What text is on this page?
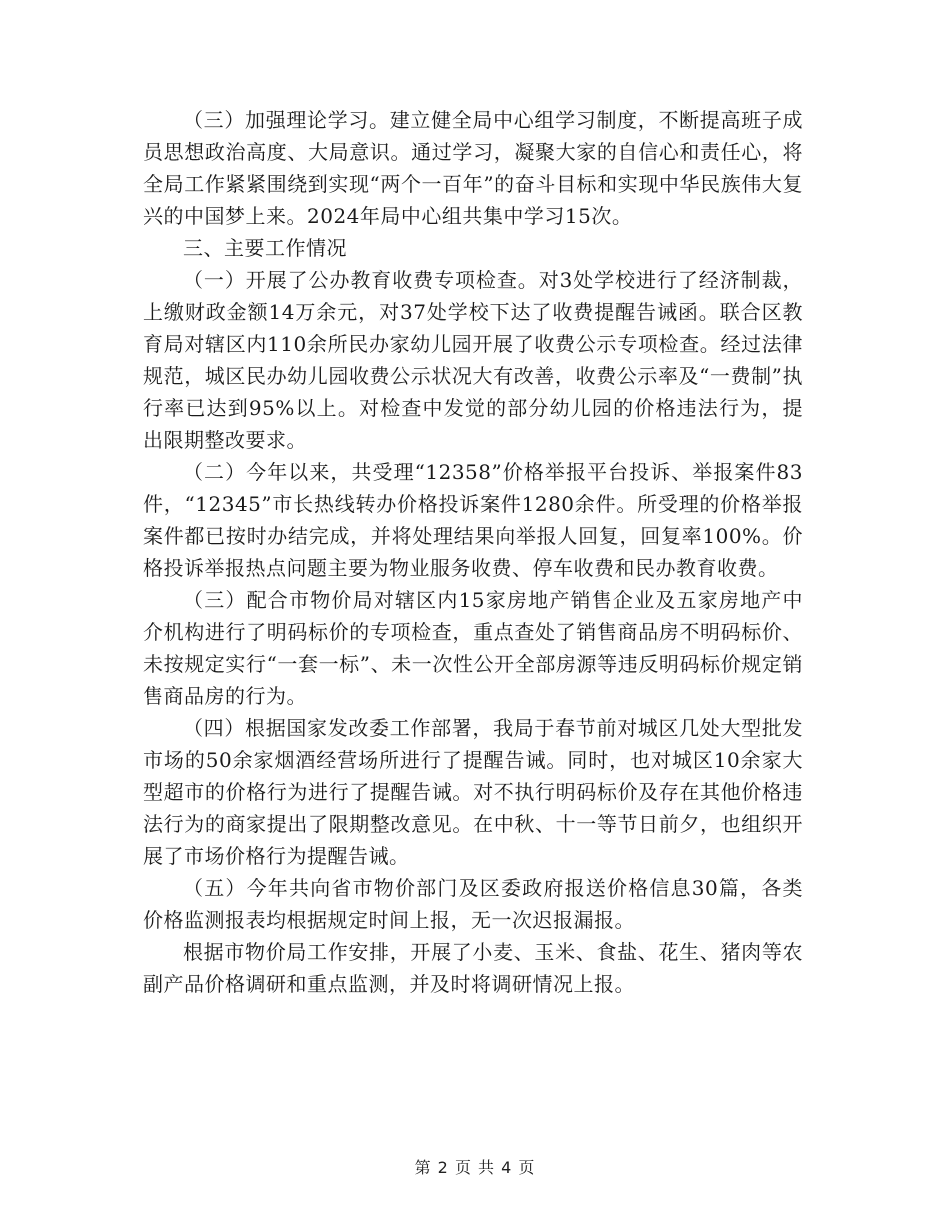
（三）加强理论学习。建立健全局中心组学习制度，不断提高班子成员思想政治高度、大局意识。通过学习，凝聚大家的自信心和责任心，将全局工作紧紧围绕到实现“两个一百年”的奋斗目标和实现中华民族伟大复兴的中国梦上来。2024年局中心组共集中学习15次。

三、主要工作情况

（一）开展了公办教育收费专项检查。对3处学校进行了经济制裁，上缴财政金额14万余元，对37处学校下达了收费提醒告诫函。联合区教育局对辖区内110余所民办家幼儿园开展了收费公示专项检查。经过法律规范，城区民办幼儿园收费公示状况大有改善，收费公示率及“一费制”执行率已达到95%以上。对检查中发觉的部分幼儿园的价格违法行为，提出限期整改要求。

（二）今年以来，共受理“12358”价格举报平台投诉、举报案件83件，“12345”市长热线转办价格投诉案件1280余件。所受理的价格举报案件都已按时办结完成，并将处理结果向举报人回复，回复率100%。价格投诉举报热点问题主要为物业服务收费、停车收费和民办教育收费。

（三）配合市物价局对辖区内15家房地产销售企业及五家房地产中介机构进行了明码标价的专项检查，重点查处了销售商品房不明码标价、未按规定实行“一套一标”、未一次性公开全部房源等违反明码标价规定销售商品房的行为。

（四）根据国家发改委工作部署，我局于春节前对城区几处大型批发市场的50余家烟酒经营场所进行了提醒告诫。同时，也对城区10余家大型超市的价格行为进行了提醒告诫。对不执行明码标价及存在其他价格违法行为的商家提出了限期整改意见。在中秋、十一等节日前夕，也组织开展了市场价格行为提醒告诫。

（五）今年共向省市物价部门及区委政府报送价格信息30篇，各类价格监测报表均根据规定时间上报，无一次迟报漏报。

根据市物价局工作安排，开展了小麦、玉米、食盐、花生、猪肉等农副产品价格调研和重点监测，并及时将调研情况上报。

第 2 页 共 4 页
